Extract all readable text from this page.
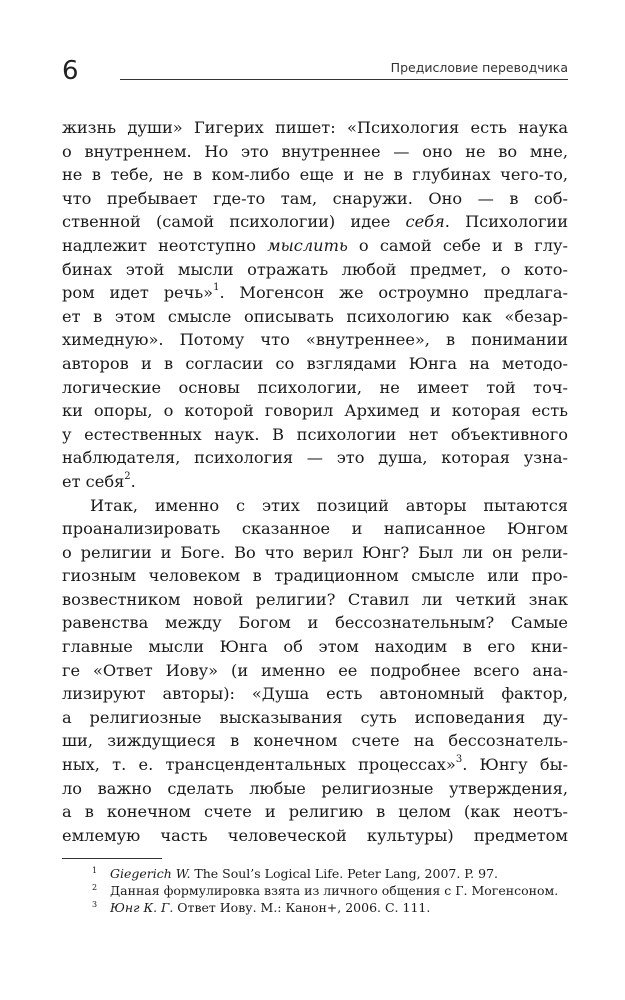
6	Предисловие переводчика
жизнь души» Гигерих пишет: «Психология есть наука
о внутреннем. Но это внутреннее — оно не во мне,
не в тебе, не в ком-либо еще и не в глубинах чего-то,
что пребывает где-то там, снаружи. Оно — в соб-
ственной (самой психологии) идее себя. Психологии
надлежит неотступно мыслить о самой себе и в глу-
бинах этой мысли отражать любой предмет, о кото-
ром идет речь»$^1$. Могенсон же остроумно предлага-
ет в этом смысле описывать психологию как «безар-
химедную». Потому что «внутреннее», в понимании
авторов и в согласии со взглядами Юнга на методо-
логические основы психологии, не имеет той точ-
ки опоры, о которой говорил Архимед и которая есть
у естественных наук. В психологии нет объективного
наблюдателя, психология — это душа, которая узна-
ет себя$^2$.
Итак, именно с этих позиций авторы пытаются
проанализировать сказанное и написанное Юнгом
о религии и Боге. Во что верил Юнг? Был ли он рели-
гиозным человеком в традиционном смысле или про-
возвестником новой религии? Ставил ли четкий знак
равенства между Богом и бессознательным? Самые
главные мысли Юнга об этом находим в его кни-
ге «Ответ Иову» (и именно ее подробнее всего ана-
лизируют авторы): «Душа есть автономный фактор,
а религиозные высказывания суть исповедания ду-
ши, зиждущиеся в конечном счете на бессознатель-
ных, т. е. трансцендентальных процессах»$^3$. Юнгу бы-
ло важно сделать любые религиозные утверждения,
а в конечном счете и религию в целом (как неотъ-
емлемую часть человеческой культуры) предметом
1 Giegerich W. The Soul’s Logical Life. Peter Lang, 2007. P. 97.
2 Данная формулировка взята из личного общения с Г. Могенсоном.
3 Юнг К. Г. Ответ Иову. М.: Канон+, 2006. С. 111.
